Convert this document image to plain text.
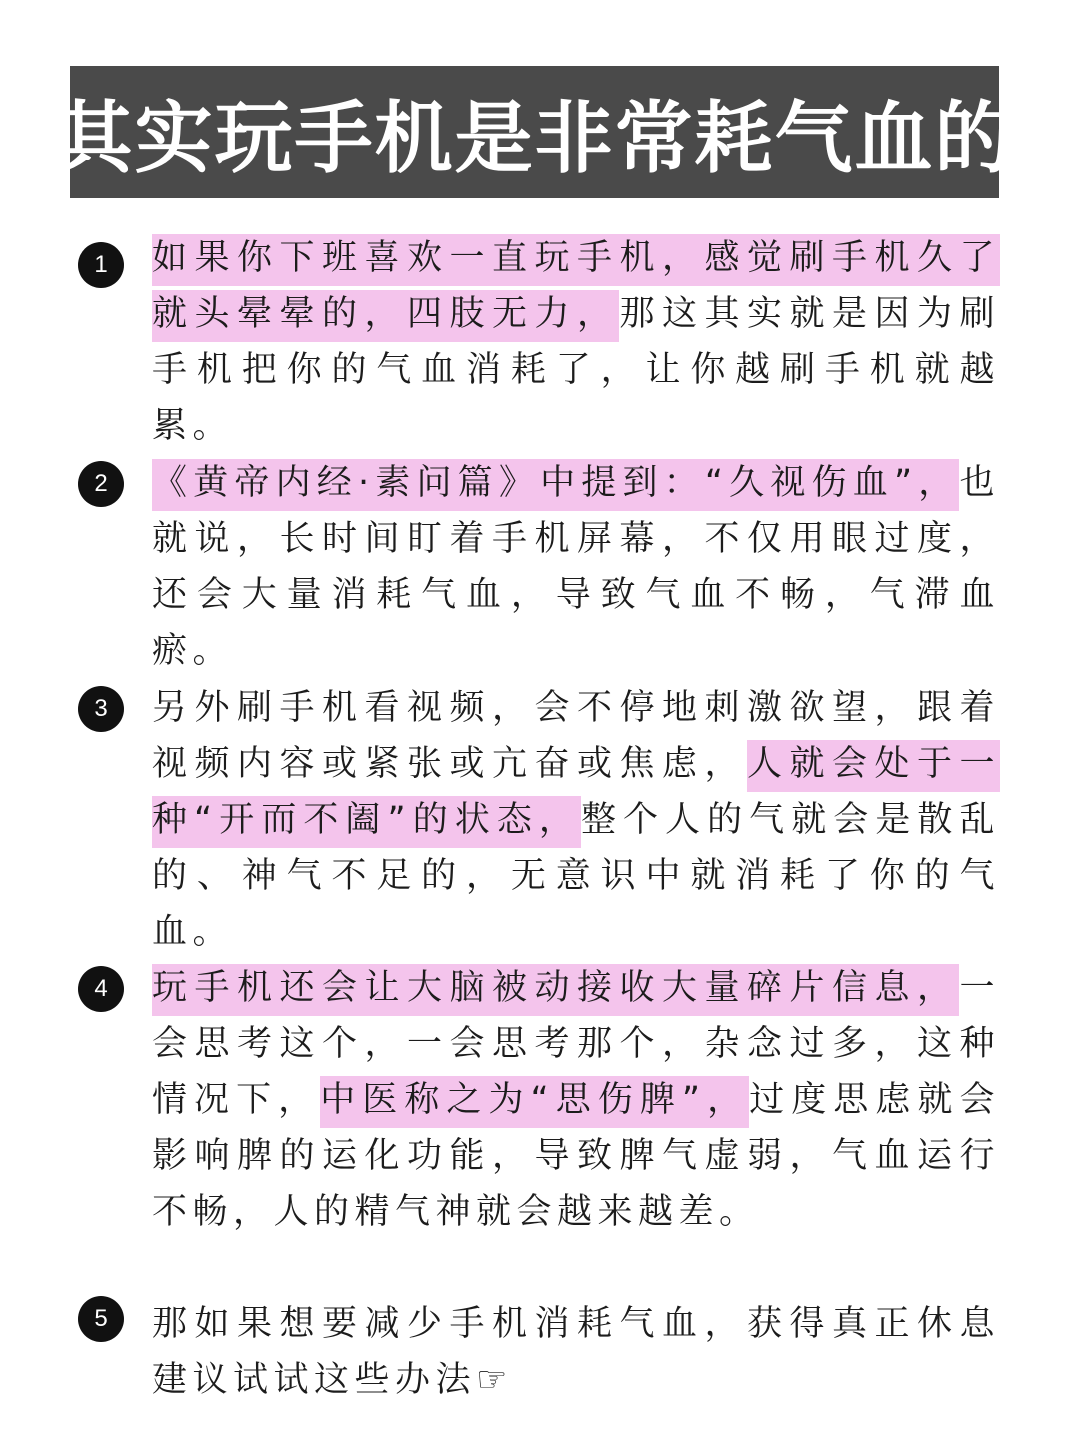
其实玩手机是非常耗气血的
1	如果你下班喜欢一直玩手机，感觉刷手机久了就头晕晕的，四肢无力，那这其实就是因为刷手机把你的气血消耗了，让你越刷手机就越累。

2	《黄帝内经·素问篇》中提到：“久视伤血”，也就说，长时间盯着手机屏幕，不仅用眼过度，还会大量消耗气血，导致气血不畅，气滞血瘀。

3	另外刷手机看视频，会不停地刺激欲望，跟着视频内容或紧张或亢奋或焦虑，人就会处于一种“开而不阖”的状态，整个人的气就会是散乱的、神气不足的，无意识中就消耗了你的气血。

4	玩手机还会让大脑被动接收大量碎片信息，一会思考这个，一会思考那个，杂念过多，这种情况下，中医称之为“思伤脾”，过度思虑就会影响脾的运化功能，导致脾气虚弱，气血运行不畅，人的精气神就会越来越差。

5	那如果想要减少手机消耗气血，获得真正休息建议试试这些办法☞
